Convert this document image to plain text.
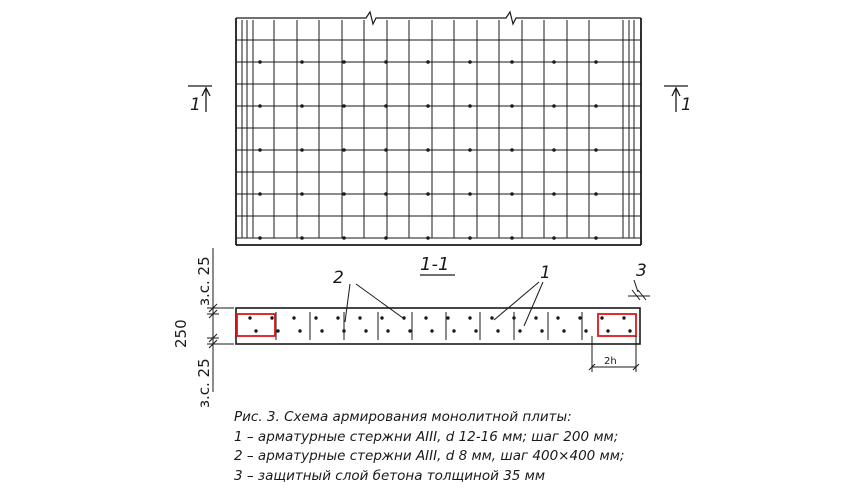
1	1
1-1
2	1	3
з.с. 25
250
з.с. 25	2h
Рис. 3. Схема армирования монолитной плиты:
1 – арматурные стержни AIII, d 12-16 мм; шаг 200 мм;
2 – арматурные стержни AIII, d 8 мм, шаг 400×400 мм;
3 – защитный слой бетона толщиной 35 мм
